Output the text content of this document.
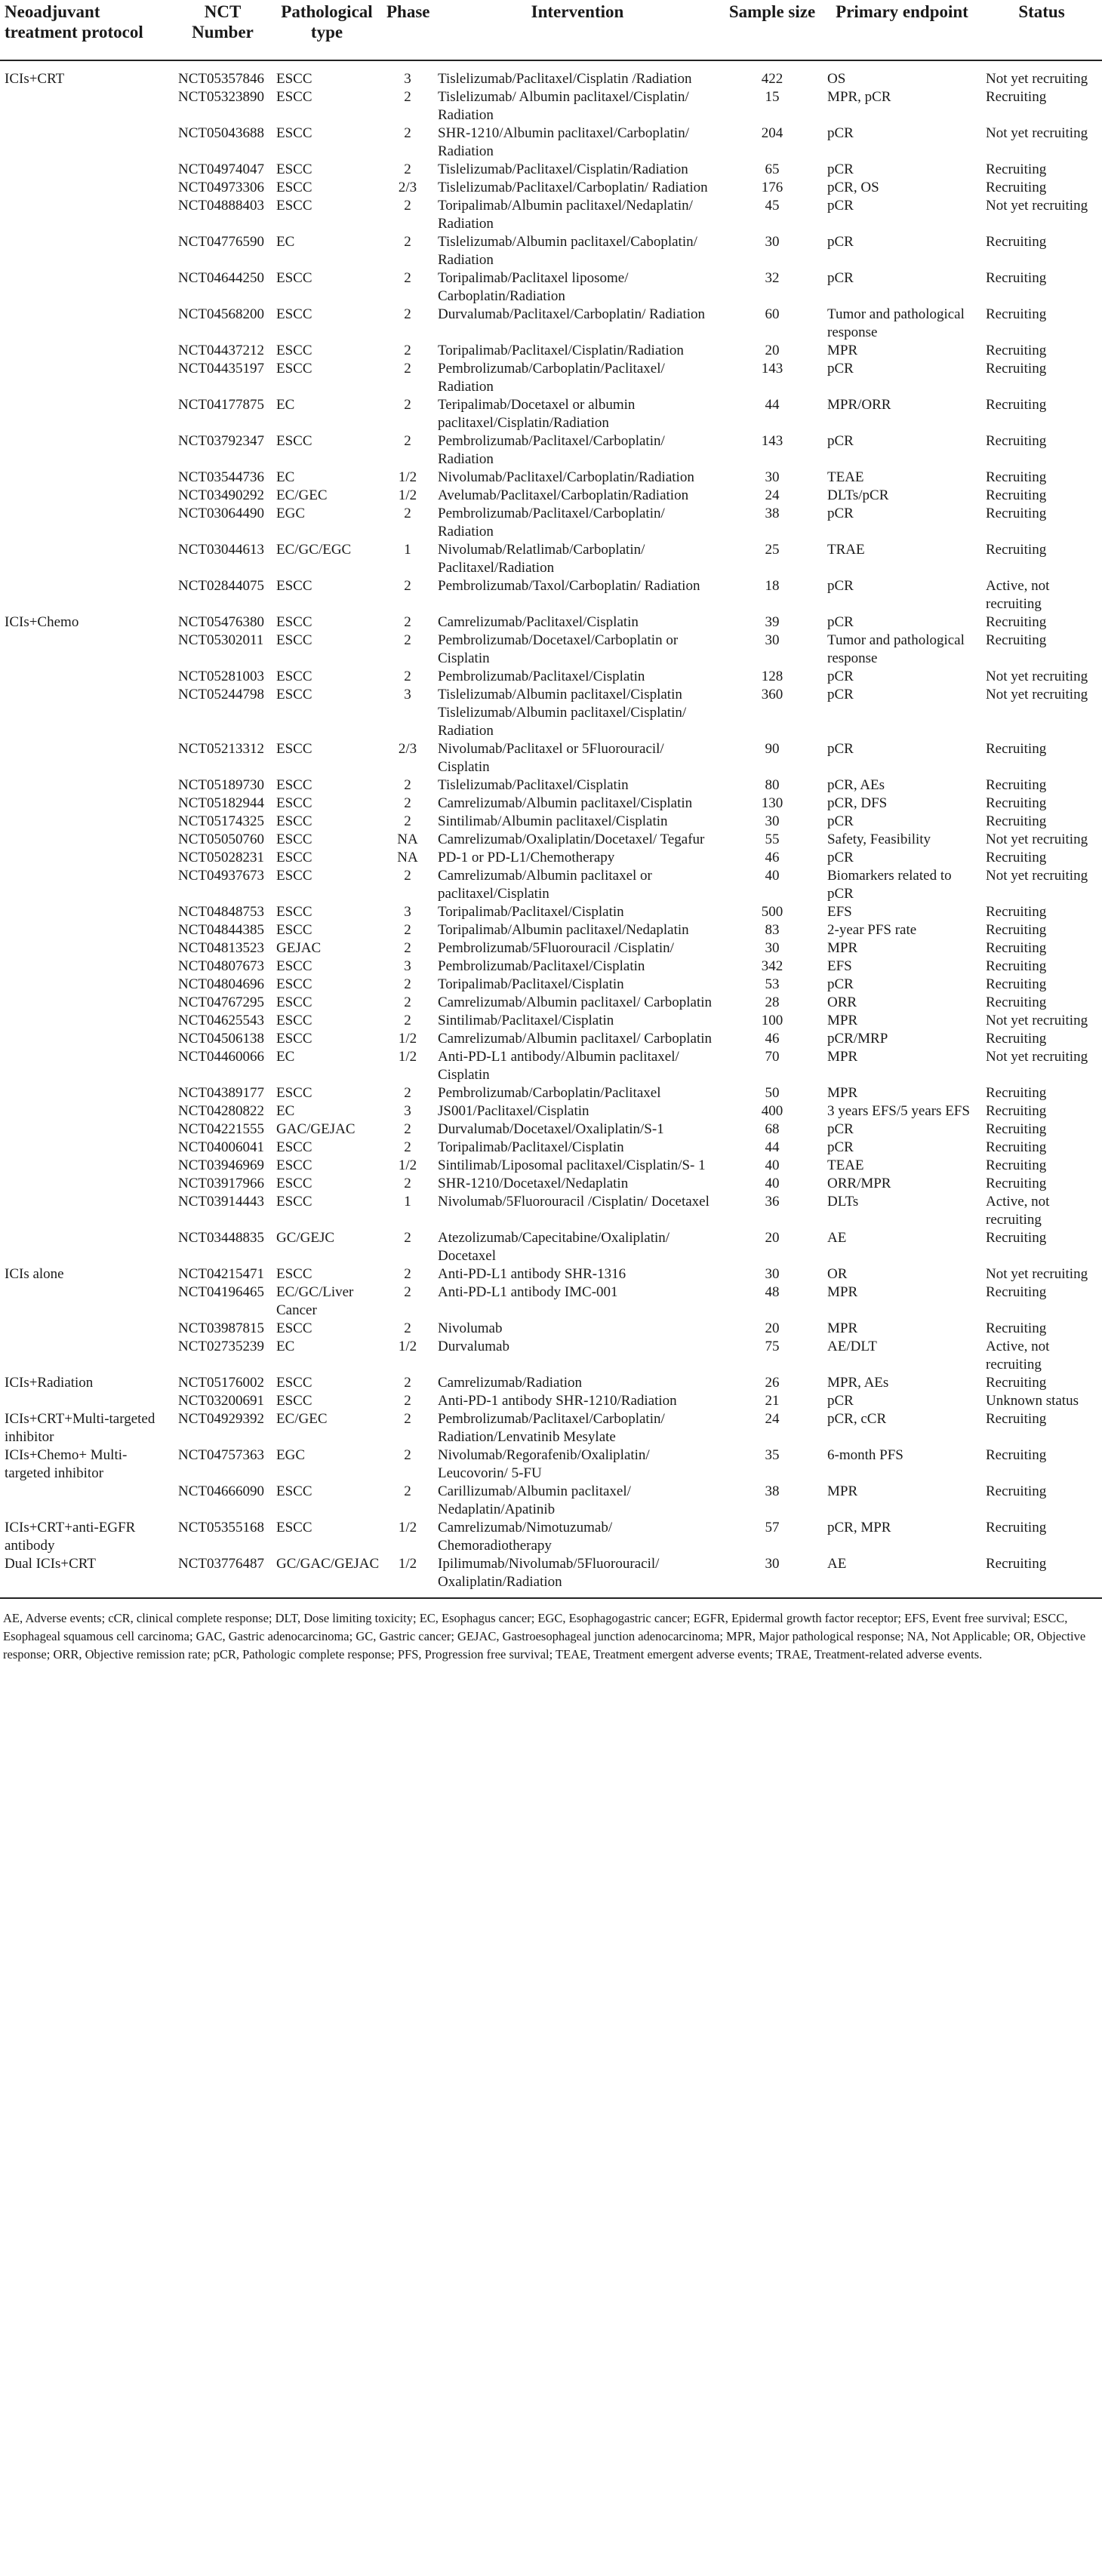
Neoadjuvant treatment protocol	NCT Number	Pathological type	Phase	Intervention	Sample size	Primary endpoint	Status
ICIs+CRT	NCT05357846	ESCC	3	Tislelizumab/Paclitaxel/Cisplatin /Radiation	422	OS	Not yet recruiting
	NCT05323890	ESCC	2	Tislelizumab/ Albumin paclitaxel/Cisplatin/ Radiation	15	MPR, pCR	Recruiting
	NCT05043688	ESCC	2	SHR-1210/Albumin paclitaxel/Carboplatin/ Radiation	204	pCR	Not yet recruiting
	NCT04974047	ESCC	2	Tislelizumab/Paclitaxel/Cisplatin/Radiation	65	pCR	Recruiting
	NCT04973306	ESCC	2/3	Tislelizumab/Paclitaxel/Carboplatin/ Radiation	176	pCR, OS	Recruiting
	NCT04888403	ESCC	2	Toripalimab/Albumin paclitaxel/Nedaplatin/ Radiation	45	pCR	Not yet recruiting
	NCT04776590	EC	2	Tislelizumab/Albumin paclitaxel/Caboplatin/ Radiation	30	pCR	Recruiting
	NCT04644250	ESCC	2	Toripalimab/Paclitaxel liposome/ Carboplatin/Radiation	32	pCR	Recruiting
	NCT04568200	ESCC	2	Durvalumab/Paclitaxel/Carboplatin/ Radiation	60	Tumor and pathological response	Recruiting
	NCT04437212	ESCC	2	Toripalimab/Paclitaxel/Cisplatin/Radiation	20	MPR	Recruiting
	NCT04435197	ESCC	2	Pembrolizumab/Carboplatin/Paclitaxel/ Radiation	143	pCR	Recruiting
	NCT04177875	EC	2	Teripalimab/Docetaxel or albumin paclitaxel/Cisplatin/Radiation	44	MPR/ORR	Recruiting
	NCT03792347	ESCC	2	Pembrolizumab/Paclitaxel/Carboplatin/ Radiation	143	pCR	Recruiting
	NCT03544736	EC	1/2	Nivolumab/Paclitaxel/Carboplatin/Radiation	30	TEAE	Recruiting
	NCT03490292	EC/GEC	1/2	Avelumab/Paclitaxel/Carboplatin/Radiation	24	DLTs/pCR	Recruiting
	NCT03064490	EGC	2	Pembrolizumab/Paclitaxel/Carboplatin/ Radiation	38	pCR	Recruiting
	NCT03044613	EC/GC/EGC	1	Nivolumab/Relatlimab/Carboplatin/ Paclitaxel/Radiation	25	TRAE	Recruiting
	NCT02844075	ESCC	2	Pembrolizumab/Taxol/Carboplatin/ Radiation	18	pCR	Active, not recruiting
ICIs+Chemo	NCT05476380	ESCC	2	Camrelizumab/Paclitaxel/Cisplatin	39	pCR	Recruiting
	NCT05302011	ESCC	2	Pembrolizumab/Docetaxel/Carboplatin or Cisplatin	30	Tumor and pathological response	Recruiting
	NCT05281003	ESCC	2	Pembrolizumab/Paclitaxel/Cisplatin	128	pCR	Not yet recruiting
	NCT05244798	ESCC	3	Tislelizumab/Albumin paclitaxel/Cisplatin Tislelizumab/Albumin paclitaxel/Cisplatin/ Radiation	360	pCR	Not yet recruiting
	NCT05213312	ESCC	2/3	Nivolumab/Paclitaxel or 5Fluorouracil/ Cisplatin	90	pCR	Recruiting
	NCT05189730	ESCC	2	Tislelizumab/Paclitaxel/Cisplatin	80	pCR, AEs	Recruiting
	NCT05182944	ESCC	2	Camrelizumab/Albumin paclitaxel/Cisplatin	130	pCR, DFS	Recruiting
	NCT05174325	ESCC	2	Sintilimab/Albumin paclitaxel/Cisplatin	30	pCR	Recruiting
	NCT05050760	ESCC	NA	Camrelizumab/Oxaliplatin/Docetaxel/ Tegafur	55	Safety, Feasibility	Not yet recruiting
	NCT05028231	ESCC	NA	PD-1 or PD-L1/Chemotherapy	46	pCR	Recruiting
	NCT04937673	ESCC	2	Camrelizumab/Albumin paclitaxel or paclitaxel/Cisplatin	40	Biomarkers related to pCR	Not yet recruiting
	NCT04848753	ESCC	3	Toripalimab/Paclitaxel/Cisplatin	500	EFS	Recruiting
	NCT04844385	ESCC	2	Toripalimab/Albumin paclitaxel/Nedaplatin	83	2-year PFS rate	Recruiting
	NCT04813523	GEJAC	2	Pembrolizumab/5Fluorouracil /Cisplatin/	30	MPR	Recruiting
	NCT04807673	ESCC	3	Pembrolizumab/Paclitaxel/Cisplatin	342	EFS	Recruiting
	NCT04804696	ESCC	2	Toripalimab/Paclitaxel/Cisplatin	53	pCR	Recruiting
	NCT04767295	ESCC	2	Camrelizumab/Albumin paclitaxel/ Carboplatin	28	ORR	Recruiting
	NCT04625543	ESCC	2	Sintilimab/Paclitaxel/Cisplatin	100	MPR	Not yet recruiting
	NCT04506138	ESCC	1/2	Camrelizumab/Albumin paclitaxel/ Carboplatin	46	pCR/MRP	Recruiting
	NCT04460066	EC	1/2	Anti-PD-L1 antibody/Albumin paclitaxel/ Cisplatin	70	MPR	Not yet recruiting
	NCT04389177	ESCC	2	Pembrolizumab/Carboplatin/Paclitaxel	50	MPR	Recruiting
	NCT04280822	EC	3	JS001/Paclitaxel/Cisplatin	400	3 years EFS/5 years EFS	Recruiting
	NCT04221555	GAC/GEJAC	2	Durvalumab/Docetaxel/Oxaliplatin/S-1	68	pCR	Recruiting
	NCT04006041	ESCC	2	Toripalimab/Paclitaxel/Cisplatin	44	pCR	Recruiting
	NCT03946969	ESCC	1/2	Sintilimab/Liposomal paclitaxel/Cisplatin/S- 1	40	TEAE	Recruiting
	NCT03917966	ESCC	2	SHR-1210/Docetaxel/Nedaplatin	40	ORR/MPR	Recruiting
	NCT03914443	ESCC	1	Nivolumab/5Fluorouracil /Cisplatin/ Docetaxel	36	DLTs	Active, not recruiting
	NCT03448835	GC/GEJC	2	Atezolizumab/Capecitabine/Oxaliplatin/ Docetaxel	20	AE	Recruiting
ICIs alone	NCT04215471	ESCC	2	Anti-PD-L1 antibody SHR-1316	30	OR	Not yet recruiting
	NCT04196465	EC/GC/Liver Cancer	2	Anti-PD-L1 antibody IMC-001	48	MPR	Recruiting
	NCT03987815	ESCC	2	Nivolumab	20	MPR	Recruiting
	NCT02735239	EC	1/2	Durvalumab	75	AE/DLT	Active, not recruiting
ICIs+Radiation	NCT05176002	ESCC	2	Camrelizumab/Radiation	26	MPR, AEs	Recruiting
	NCT03200691	ESCC	2	Anti-PD-1 antibody SHR-1210/Radiation	21	pCR	Unknown status
ICIs+CRT+Multi-targeted inhibitor	NCT04929392	EC/GEC	2	Pembrolizumab/Paclitaxel/Carboplatin/ Radiation/Lenvatinib Mesylate	24	pCR, cCR	Recruiting
ICIs+Chemo+ Multi-targeted inhibitor	NCT04757363	EGC	2	Nivolumab/Regorafenib/Oxaliplatin/ Leucovorin/ 5-FU	35	6-month PFS	Recruiting
	NCT04666090	ESCC	2	Carillizumab/Albumin paclitaxel/ Nedaplatin/Apatinib	38	MPR	Recruiting
ICIs+CRT+anti-EGFR antibody	NCT05355168	ESCC	1/2	Camrelizumab/Nimotuzumab/ Chemoradiotherapy	57	pCR, MPR	Recruiting
Dual ICIs+CRT	NCT03776487	GC/GAC/GEJAC	1/2	Ipilimumab/Nivolumab/5Fluorouracil/ Oxaliplatin/Radiation	30	AE	Recruiting
AE, Adverse events; cCR, clinical complete response; DLT, Dose limiting toxicity; EC, Esophagus cancer; EGC, Esophagogastric cancer; EGFR, Epidermal growth factor receptor; EFS, Event free survival; ESCC, Esophageal squamous cell carcinoma; GAC, Gastric adenocarcinoma; GC, Gastric cancer; GEJAC, Gastroesophageal junction adenocarcinoma; MPR, Major pathological response; NA, Not Applicable; OR, Objective response; ORR, Objective remission rate; pCR, Pathologic complete response; PFS, Progression free survival; TEAE, Treatment emergent adverse events; TRAE, Treatment-related adverse events.
